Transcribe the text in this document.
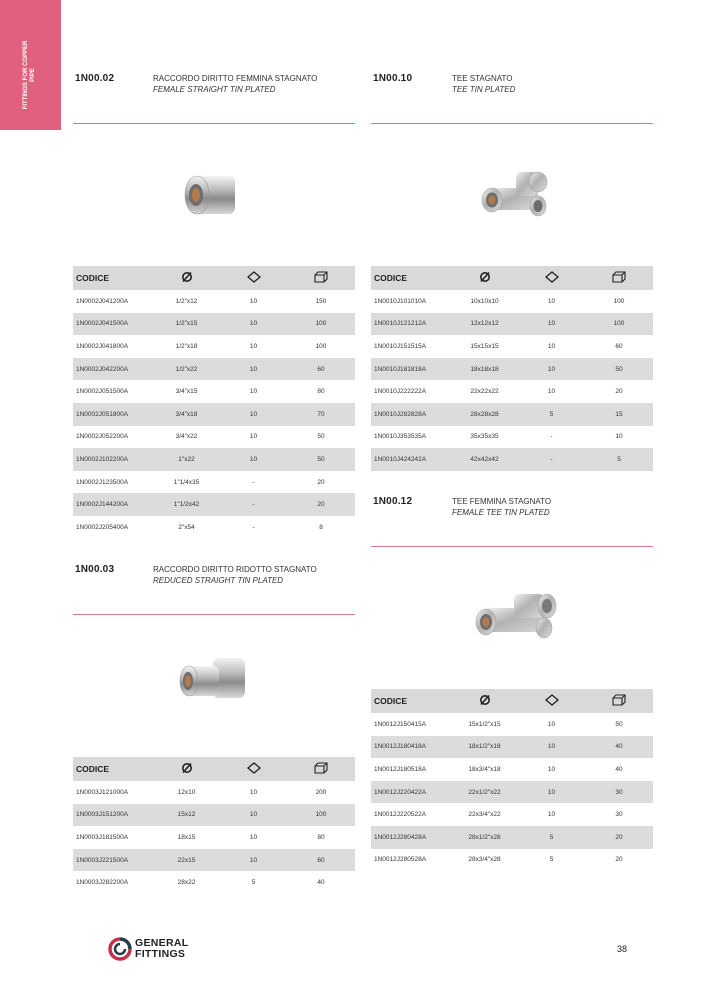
FITTINGS FOR COPPER PIPE	1N00.02	RACCORDO DIRITTO FEMMINA STAGNATO
FEMALE STRAIGHT TIN PLATED
CODICE			
1N0002J041200A	1/2"x12	10	150
1N0002J041500A	1/2"x15	10	100
1N0002J041800A	1/2"x18	10	100
1N0002J042200A	1/2"x22	10	60
1N0002J051500A	3/4"x15	10	80
1N0002J051800A	3/4"x18	10	70
1N0002J052200A	3/4"x22	10	50
1N0002J102200A	1"x22	10	50
1N0002J123500A	1"1/4x35	-	20
1N0002J144200A	1"1/2x42	-	20
1N0002J205400A	2"x54	-	8
1N00.03	RACCORDO DIRITTO RIDOTTO STAGNATO
REDUCED STRAIGHT TIN PLATED
CODICE			
1N0003J121000A	12x10	10	200
1N0003J151200A	15x12	10	100
1N0003J181500A	18x15	10	80
1N0003J221500A	22x15	10	60
1N0003J282200A	28x22	5	40
1N00.10	TEE STAGNATO
TEE TIN PLATED
CODICE			
1N0010J101010A	10x10x10	10	100
1N0010J121212A	12x12x12	10	100
1N0010J151515A	15x15x15	10	60
1N0010J181818A	18x18x18	10	50
1N0010J222222A	22x22x22	10	20
1N0010J282828A	28x28x28	5	15
1N0010J353535A	35x35x35	-	10
1N0010J424242A	42x42x42	-	5
1N00.12	TEE FEMMINA STAGNATO
FEMALE TEE TIN PLATED
CODICE			
1N0012J150415A	15x1/2"x15	10	50
1N0012J180418A	18x1/2"x18	10	40
1N0012J180518A	18x3/4"x18	10	40
1N0012J220422A	22x1/2"x22	10	30
1N0012J220522A	22x3/4"x22	10	30
1N0012J280428A	28x1/2"x28	5	20
1N0012J280528A	28x3/4"x28	5	20
GENERAL
FITTINGS	38
